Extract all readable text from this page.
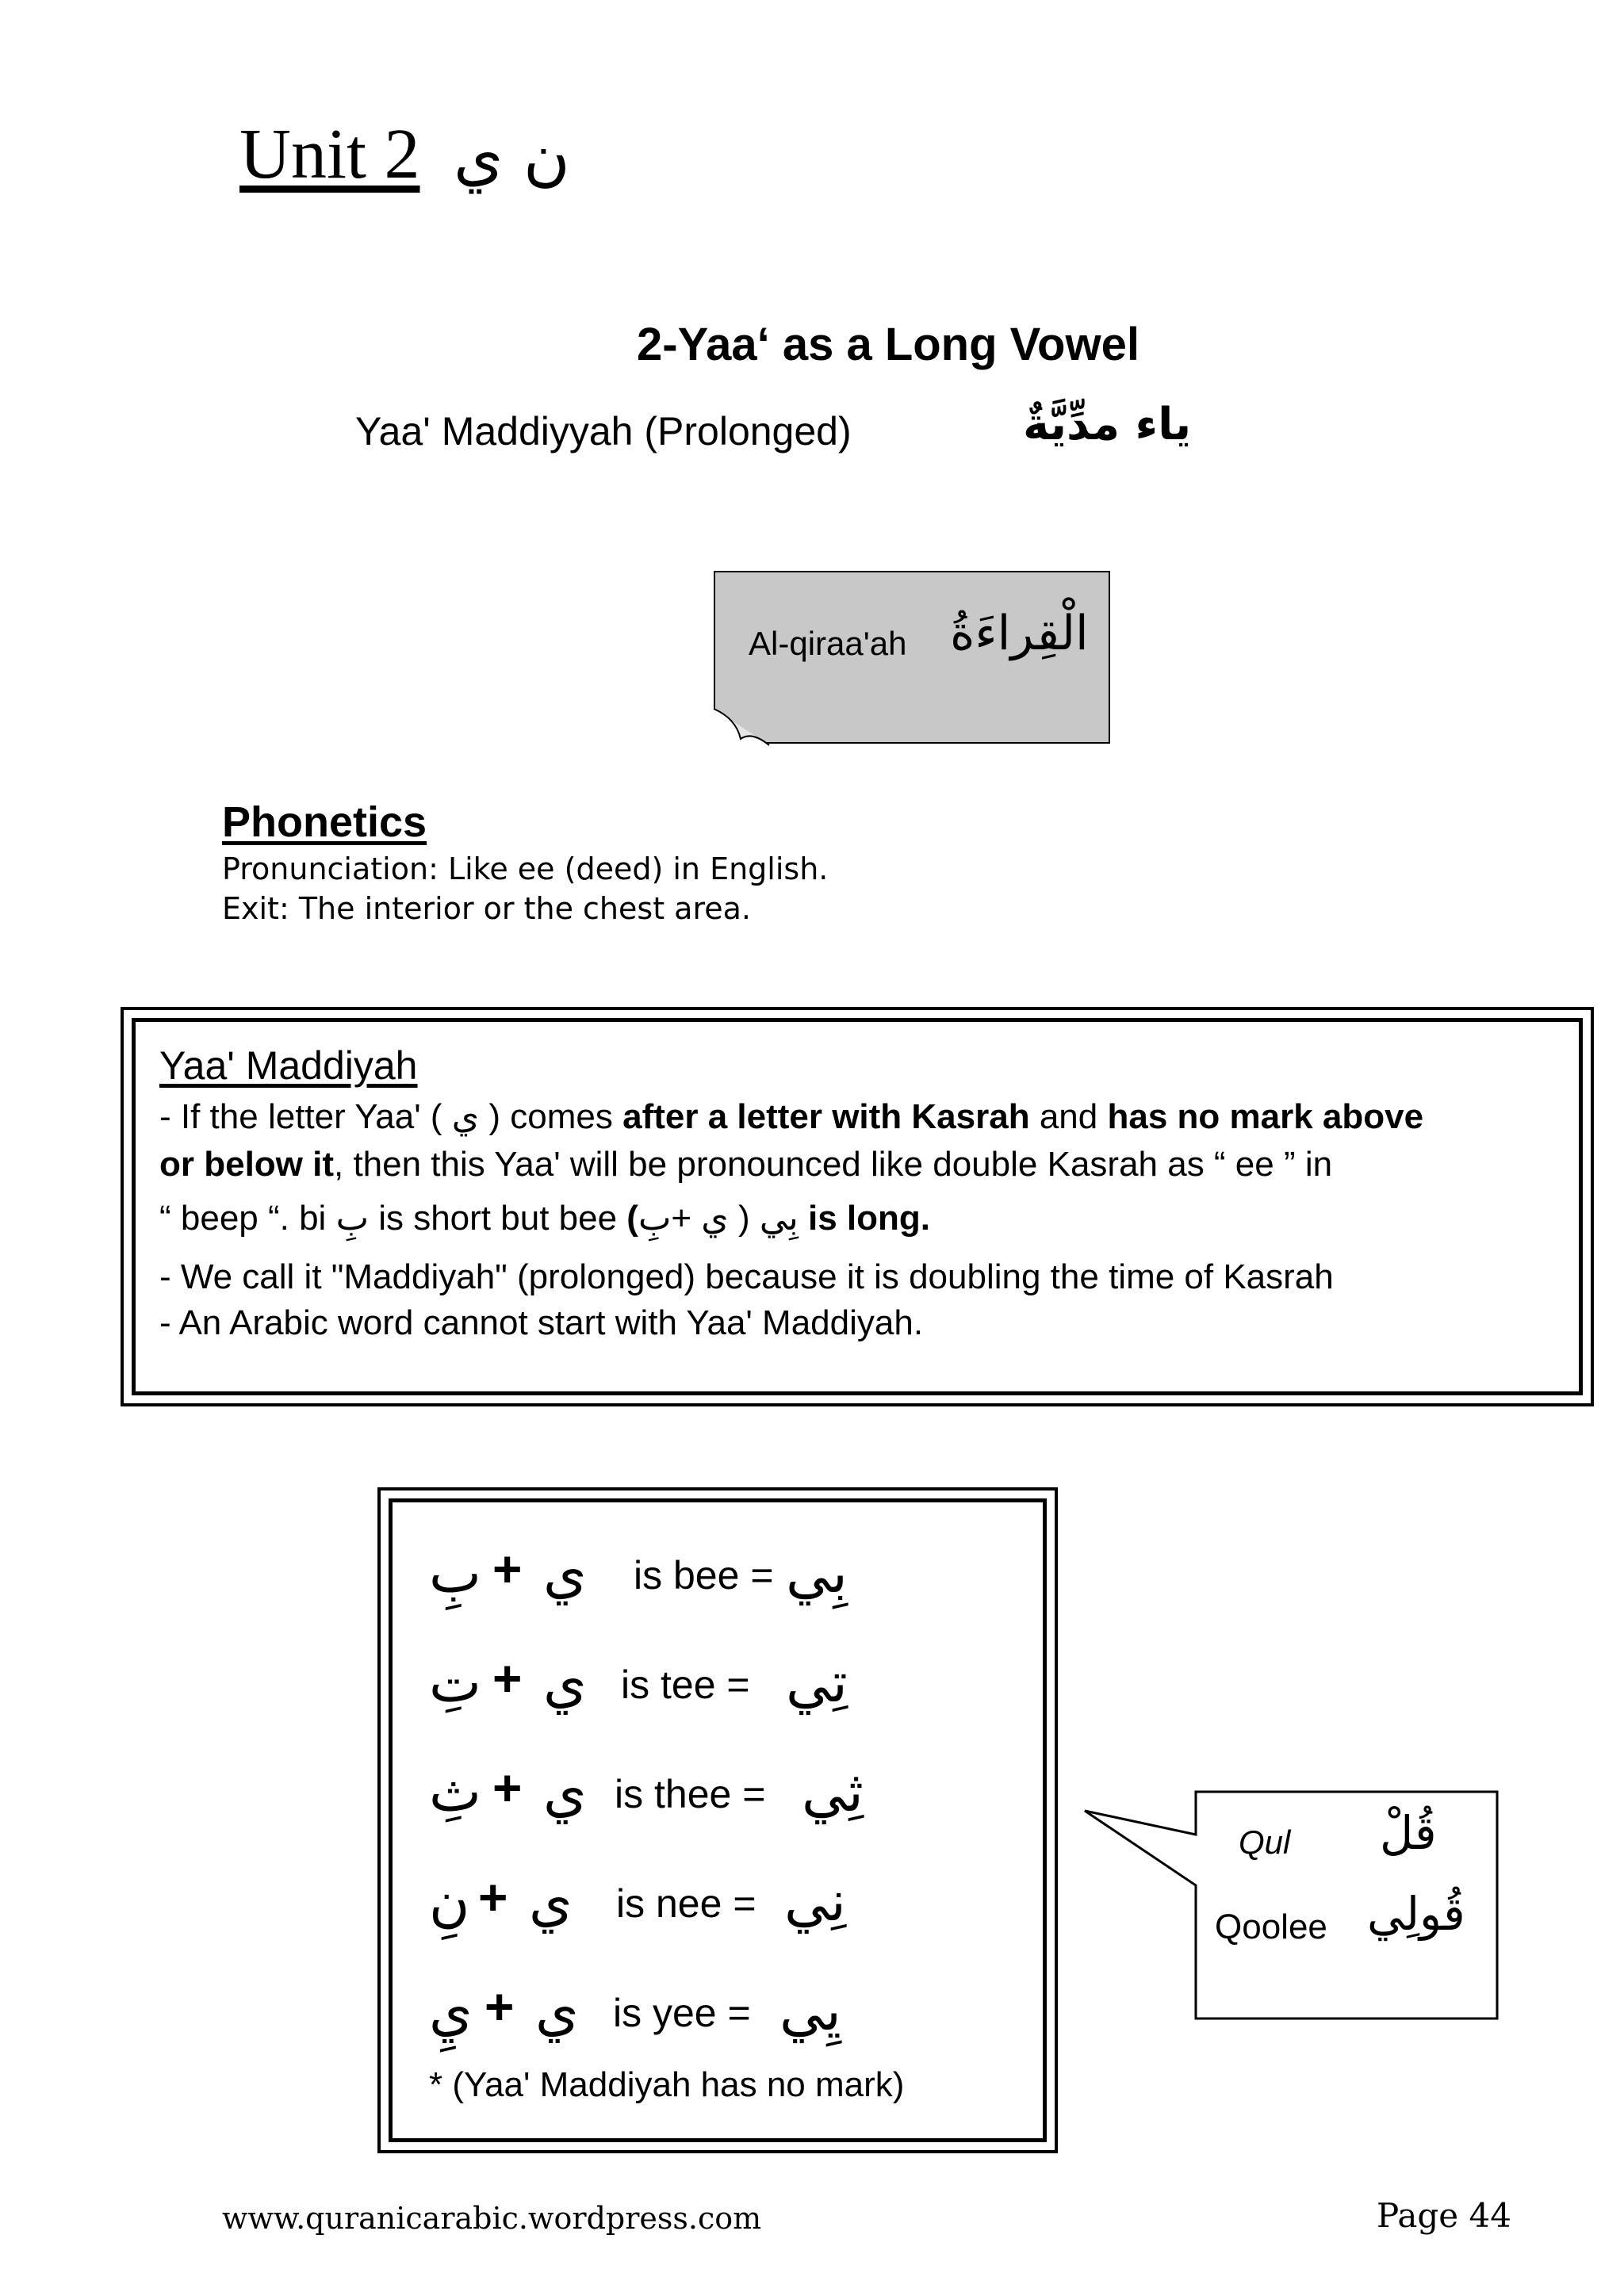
Unit 2 ن ي
2-Yaa‘ as a Long Vowel
Yaa' Maddiyyah (Prolonged)	ياء مدِّيَّةٌ
Al-qiraa'ah الْقِراءَةُ
Phonetics
Pronunciation: Like ee (deed) in English.
Exit: The interior or the chest area.
Yaa' Maddiyah
- If the letter Yaa' ( ي ) comes after a letter with Kasrah and has no mark above
or below it, then this Yaa' will be pronounced like double Kasrah as “ ee ” in
“ beep “. bi بِ is short but bee	بِي ( ي +بِ) is long.
- We call it "Maddiyah" (prolonged) because it is doubling the time of Kasrah
- An Arabic word cannot start with Yaa' Maddiyah.
بِ + ي is bee = بِي
تِ + ي is tee = تِي
ثِ + ي is thee = ثِي
نِ + ي is nee = نِي
يِ + ي is yee = يِي
* (Yaa' Maddiyah has no mark)
Qul قُلْ
Qoolee قُولِي
www.quranicarabic.wordpress.com	Page 44
